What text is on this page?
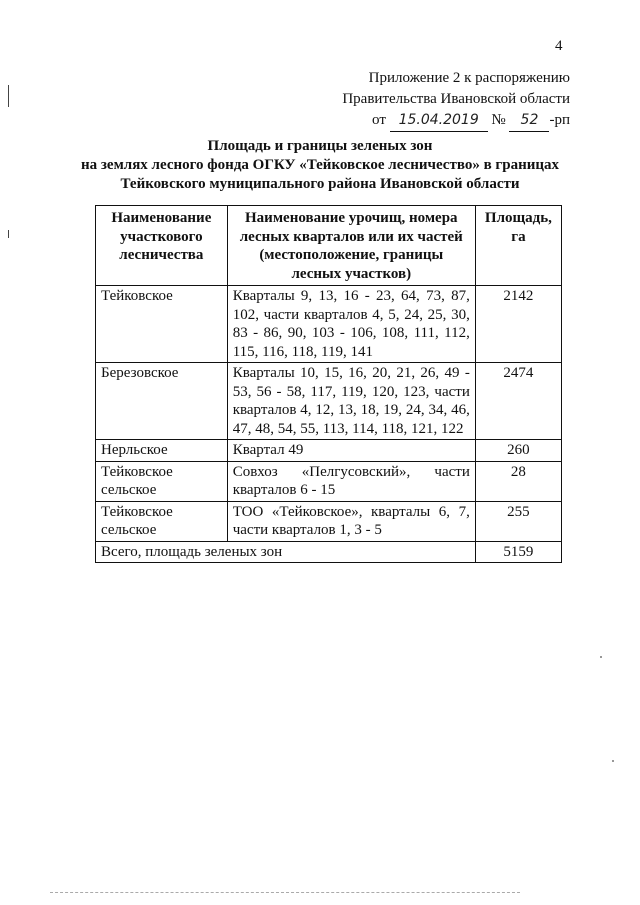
4
Приложение 2 к распоряжению
Правительства Ивановской области
от 15.04.2019 № 52 -рп
Площадь и границы зеленых зон
на землях лесного фонда ОГКУ «Тейковское лесничество» в границах
Тейковского муниципального района Ивановской области
Наименование участкового лесничества	Наименование урочищ, номера лесных кварталов или их частей (местоположение, границы лесных участков)	Площадь, га
Тейковское	Кварталы 9, 13, 16 - 23, 64, 73, 87, 102, части кварталов 4, 5, 24, 25, 30, 83 - 86, 90, 103 - 106, 108, 111, 112, 115, 116, 118, 119, 141	2142
Березовское	Кварталы 10, 15, 16, 20, 21, 26, 49 - 53, 56 - 58, 117, 119, 120, 123, части кварталов 4, 12, 13, 18, 19, 24, 34, 46, 47, 48, 54, 55, 113, 114, 118, 121, 122	2474
Нерльское	Квартал 49	260
Тейковское сельское	Совхоз «Пелгусовский», части кварталов 6 - 15	28
Тейковское сельское	ТОО «Тейковское», кварталы 6, 7, части кварталов 1, 3 - 5	255
Всего, площадь зеленых зон		5159
